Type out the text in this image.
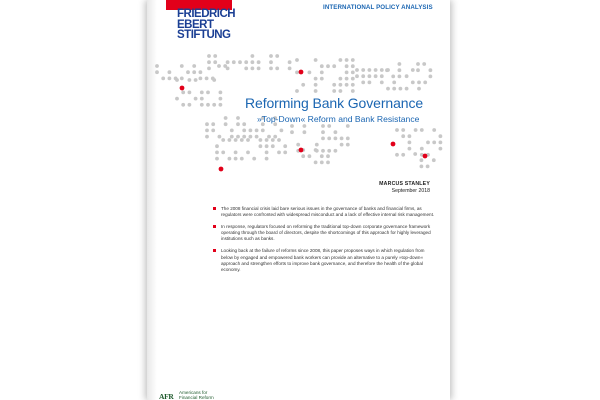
FRIEDRICH
EBERT
STIFTUNG
INTERNATIONAL POLICY ANALYSIS
Reforming Bank Governance
»Top-Down« Reform and Bank Resistance
MARCUS STANLEY
September 2018
The 2008 financial crisis laid bare serious issues in the governance of banks and financial firms, as regulators were confronted with widespread misconduct and a lack of effective internal risk management.
In response, regulators focused on reforming the traditional top-down corporate governance framework operating through the board of directors, despite the shortcomings of this approach for highly leveraged institutions such as banks.
Looking back at the failure of reforms since 2008, this paper proposes ways in which regulation from below by engaged and empowered bank workers can provide an alternative to a purely »top-down« approach and strengthen efforts to improve bank governance, and therefore the health of the global economy.
AFR Americans for
Financial Reform
